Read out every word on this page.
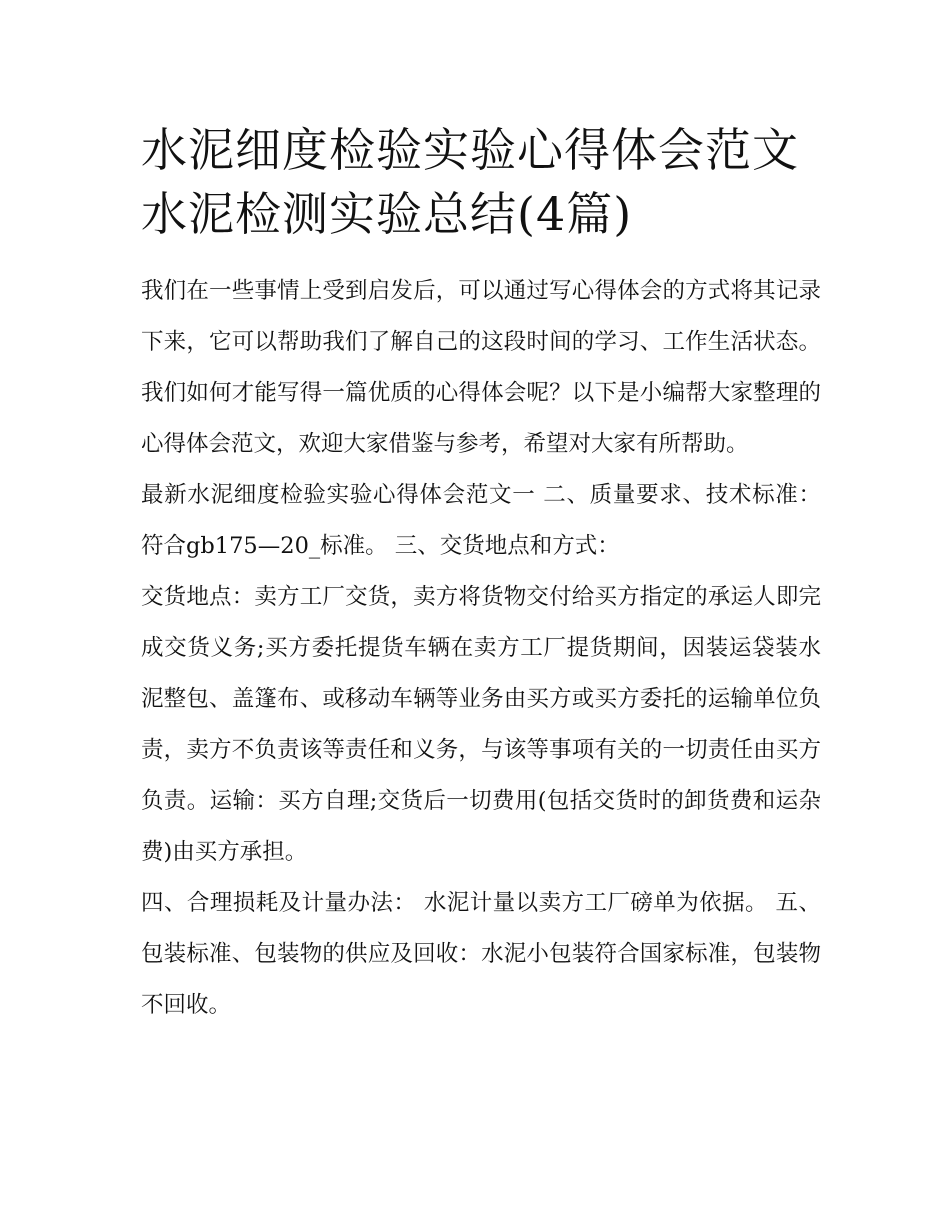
水泥细度检验实验心得体会范文 水泥检测实验总结(4篇)

我们在一些事情上受到启发后，可以通过写心得体会的方式将其记录下来，它可以帮助我们了解自己的这段时间的学习、工作生活状态。我们如何才能写得一篇优质的心得体会呢？以下是小编帮大家整理的心得体会范文，欢迎大家借鉴与参考，希望对大家有所帮助。

最新水泥细度检验实验心得体会范文一 二、质量要求、技术标准： 符合gb175—20_标准。 三、交货地点和方式：

交货地点：卖方工厂交货，卖方将货物交付给买方指定的承运人即完成交货义务;买方委托提货车辆在卖方工厂提货期间，因装运袋装水泥整包、盖篷布、或移动车辆等业务由买方或买方委托的运输单位负责，卖方不负责该等责任和义务，与该等事项有关的一切责任由买方负责。运输：买方自理;交货后一切费用(包括交货时的卸货费和运杂费)由买方承担。

四、合理损耗及计量办法： 水泥计量以卖方工厂磅单为依据。 五、包装标准、包装物的供应及回收：水泥小包装符合国家标准，包装物不回收。
